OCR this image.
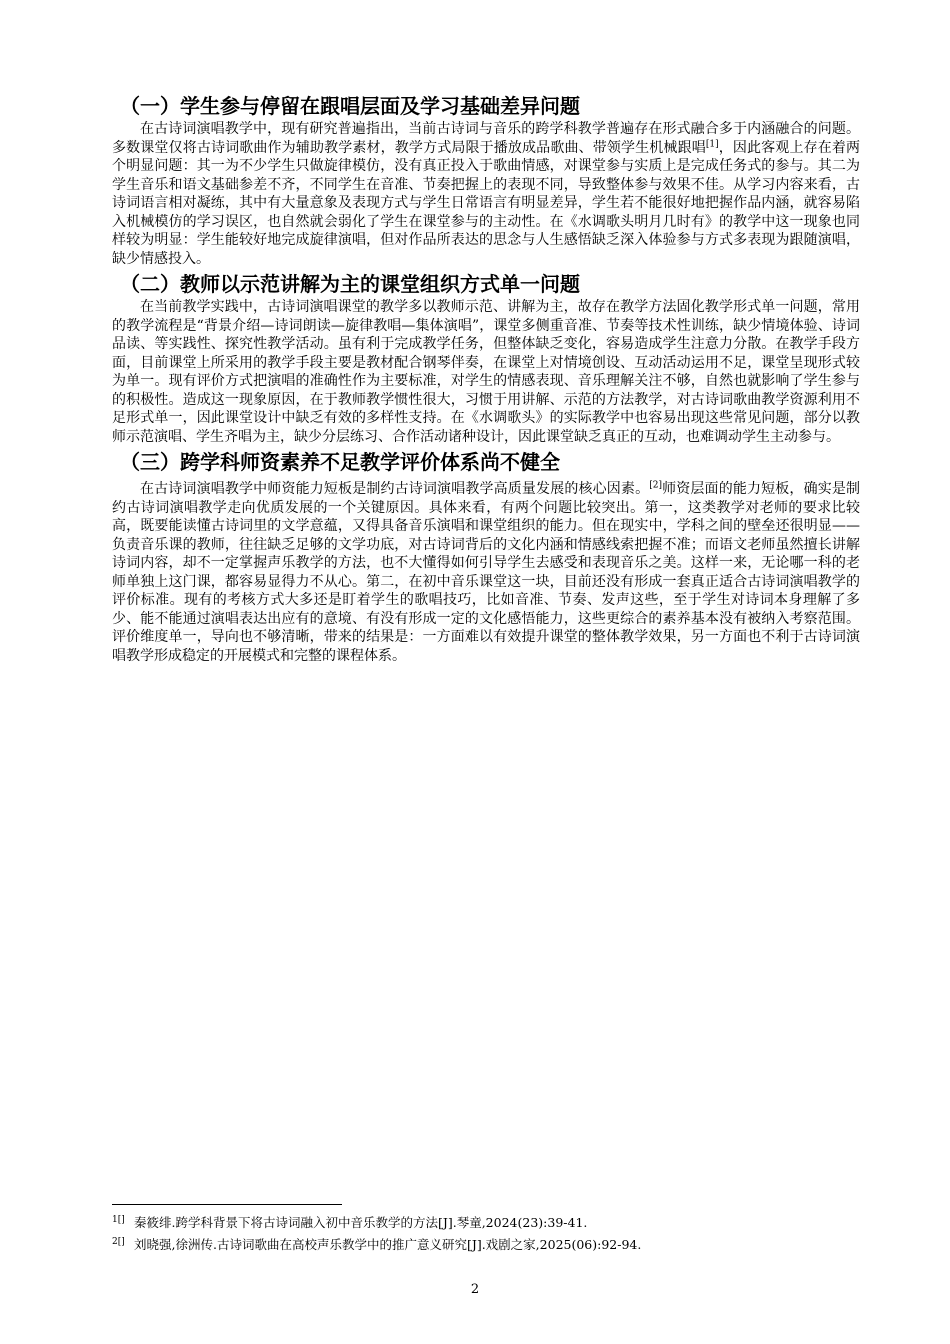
（一）学生参与停留在跟唱层面及学习基础差异问题

在古诗词演唱教学中，现有研究普遍指出，当前古诗词与音乐的跨学科教学普遍存在形式融合多于内涵融合的问题。多数课堂仅将古诗词歌曲作为辅助教学素材，教学方式局限于播放成品歌曲、带领学生机械跟唱[1]，因此客观上存在着两个明显问题：其一为不少学生只做旋律模仿，没有真正投入于歌曲情感，对课堂参与实质上是完成任务式的参与。其二为学生音乐和语文基础参差不齐，不同学生在音准、节奏把握上的表现不同，导致整体参与效果不佳。从学习内容来看，古诗词语言相对凝练，其中有大量意象及表现方式与学生日常语言有明显差异，学生若不能很好地把握作品内涵，就容易陷入机械模仿的学习误区，也自然就会弱化了学生在课堂参与的主动性。在《水调歌头明月几时有》的教学中这一现象也同样较为明显：学生能较好地完成旋律演唱，但对作品所表达的思念与人生感悟缺乏深入体验参与方式多表现为跟随演唱，缺少情感投入。

（二）教师以示范讲解为主的课堂组织方式单一问题

在当前教学实践中，古诗词演唱课堂的教学多以教师示范、讲解为主，故存在教学方法固化教学形式单一问题，常用的教学流程是“背景介绍—诗词朗读—旋律教唱—集体演唱”，课堂多侧重音准、节奏等技术性训练，缺少情境体验、诗词品读、等实践性、探究性教学活动。虽有利于完成教学任务，但整体缺乏变化，容易造成学生注意力分散。在教学手段方面，目前课堂上所采用的教学手段主要是教材配合钢琴伴奏，在课堂上对情境创设、互动活动运用不足，课堂呈现形式较为单一。现有评价方式把演唱的准确性作为主要标准，对学生的情感表现、音乐理解关注不够，自然也就影响了学生参与的积极性。造成这一现象原因，在于教师教学惯性很大，习惯于用讲解、示范的方法教学，对古诗词歌曲教学资源利用不足形式单一，因此课堂设计中缺乏有效的多样性支持。在《水调歌头》的实际教学中也容易出现这些常见问题，部分以教师示范演唱、学生齐唱为主，缺少分层练习、合作活动诸种设计，因此课堂缺乏真正的互动，也难调动学生主动参与。

（三）跨学科师资素养不足教学评价体系尚不健全

在古诗词演唱教学中师资能力短板是制约古诗词演唱教学高质量发展的核心因素。[2]师资层面的能力短板，确实是制约古诗词演唱教学走向优质发展的一个关键原因。具体来看，有两个问题比较突出。第一，这类教学对老师的要求比较高，既要能读懂古诗词里的文学意蕴，又得具备音乐演唱和课堂组织的能力。但在现实中，学科之间的壁垒还很明显——负责音乐课的教师，往往缺乏足够的文学功底，对古诗词背后的文化内涵和情感线索把握不准；而语文老师虽然擅长讲解诗词内容，却不一定掌握声乐教学的方法，也不大懂得如何引导学生去感受和表现音乐之美。这样一来，无论哪一科的老师单独上这门课，都容易显得力不从心。第二，在初中音乐课堂这一块，目前还没有形成一套真正适合古诗词演唱教学的评价标准。现有的考核方式大多还是盯着学生的歌唱技巧，比如音准、节奏、发声这些，至于学生对诗词本身理解了多少、能不能通过演唱表达出应有的意境、有没有形成一定的文化感悟能力，这些更综合的素养基本没有被纳入考察范围。评价维度单一，导向也不够清晰，带来的结果是：一方面难以有效提升课堂的整体教学效果，另一方面也不利于古诗词演唱教学形成稳定的开展模式和完整的课程体系。

1[] 秦筱绯.跨学科背景下将古诗词融入初中音乐教学的方法[J].琴童,2024(23):39-41.
2[] 刘晓强,徐洲传.古诗词歌曲在高校声乐教学中的推广意义研究[J].戏剧之家,2025(06):92-94.
2
